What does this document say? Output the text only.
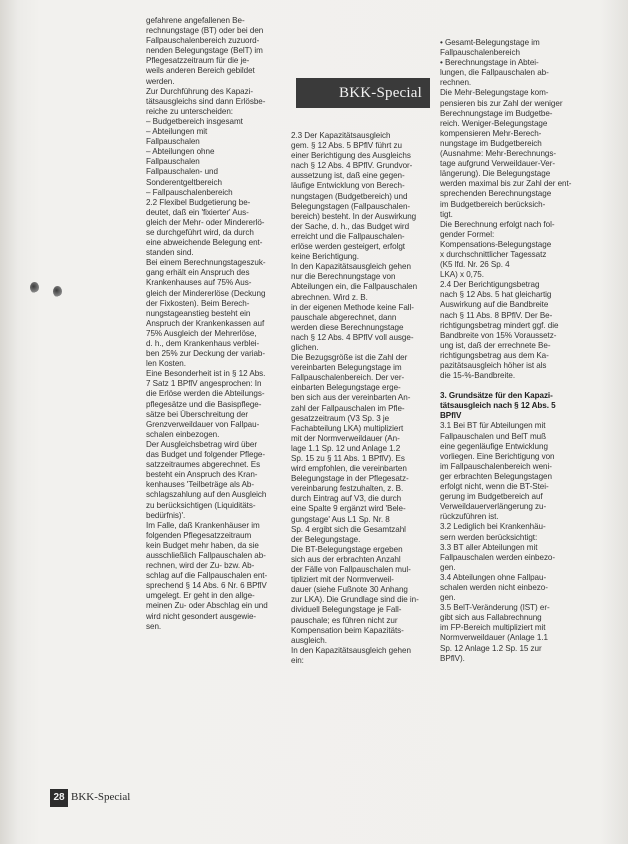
gefahrene angefallenen Be-

rechnungstage (BT) oder bei den

Fallpauschalenbereich zuzuord-

nenden Belegungstage (BelT) im

Pflegesatzzeitraum für die je-

weils anderen Bereich gebildet

werden.

Zur Durchführung des Kapazi-

tätsausgleichs sind dann Erlösbe-

reiche zu unterscheiden:

– Budgetbereich insgesamt

– Abteilungen mit

Fallpauschalen

– Abteilungen ohne

Fallpauschalen

Fallpauschalen- und

Sonderentgeltbereich

– Fallpauschalenbereich

2.2 Flexibel Budgetierung be-

deutet, daß ein 'fixierter' Aus-

gleich der Mehr- oder Mindererlö-

se durchgeführt wird, da durch

eine abweichende Belegung ent-

standen sind.

Bei einem Berechnungstageszuk-

gang erhält ein Anspruch des

Krankenhauses auf 75% Aus-

gleich der Mindererlöse (Deckung

der Fixkosten). Beim Berech-

nungstageanstieg besteht ein

Anspruch der Krankenkassen auf

75% Ausgleich der Mehrerlöse,

d. h., dem Krankenhaus verblei-

ben 25% zur Deckung der variab-

len Kosten.

Eine Besonderheit ist in § 12 Abs.

7 Satz 1 BPflV angesprochen: In

die Erlöse werden die Abteilungs-

pflegesätze und die Basispflege-

sätze bei Überschreitung der

Grenzverweildauer von Fallpau-

schalen einbezogen.

Der Ausgleichsbetrag wird über

das Budget und folgender Pflege-

satzzeitraumes abgerechnet. Es

besteht ein Anspruch des Kran-

kenhauses 'Teilbeträge als Ab-

schlagszahlung auf den Ausgleich

zu berücksichtigen (Liquiditäts-

bedürfnis)'.

Im Falle, daß Krankenhäuser im

folgenden Pflegesatzzeitraum

kein Budget mehr haben, da sie

ausschließlich Fallpauschalen ab-

rechnen, wird der Zu- bzw. Ab-

schlag auf die Fallpauschalen ent-

sprechend § 14 Abs. 6 Nr. 6 BPflV

umgelegt. Er geht in den allge-

meinen Zu- oder Abschlag ein und

wird nicht gesondert ausgewie-

sen.

BKK-Special

2.3 Der Kapazitätsausgleich

gem. § 12 Abs. 5 BPflV führt zu

einer Berichtigung des Ausgleichs

nach § 12 Abs. 4 BPflV. Grundvor-

aussetzung ist, daß eine gegen-

läufige Entwicklung von Berech-

nungstagen (Budgetbereich) und

Belegungstagen (Fallpauschalen-

bereich) besteht. In der Auswirkung

der Sache, d. h., das Budget wird

erreicht und die Fallpauschalen-

erlöse werden gesteigert, erfolgt

keine Berichtigung.

In den Kapazitätsausgleich gehen

nur die Berechnungstage von

Abteilungen ein, die Fallpauschalen

abrechnen. Wird z. B.

in der eigenen Methode keine Fall-

pauschale abgerechnet, dann

werden diese Berechnungstage

nach § 12 Abs. 4 BPflV voll ausge-

glichen.

Die Bezugsgröße ist die Zahl der

vereinbarten Belegungstage im

Fallpauschalenbereich. Der ver-

einbarten Belegungstage erge-

ben sich aus der vereinbarten An-

zahl der Fallpauschalen im Pfle-

gesatzzeitraum (V3 Sp. 3 je

Fachabteilung LKA) multipliziert

mit der Normverweildauer (An-

lage 1.1 Sp. 12 und Anlage 1.2

Sp. 15 zu § 11 Abs. 1 BPflV). Es

wird empfohlen, die vereinbarten

Belegungstage in der Pflegesatz-

vereinbarung festzuhalten, z. B.

durch Eintrag auf V3, die durch

eine Spalte 9 ergänzt wird 'Bele-

gungstage' Aus L1 Sp. Nr. 8

Sp. 4 ergibt sich die Gesamtzahl

der Belegungstage.

Die BT-Belegungstage ergeben

sich aus der erbrachten Anzahl

der Fälle von Fallpauschalen mul-

tipliziert mit der Normverweil-

dauer (siehe Fußnote 30 Anhang

zur LKA). Die Grundlage sind die in-

dividuell Belegungstage je Fall-

pauschale; es führen nicht zur

Kompensation beim Kapazitäts-

ausgleich.

In den Kapazitätsausgleich gehen

ein:

• Gesamt-Belegungstage im

Fallpauschalenbereich

• Berechnungstage in Abtei-

lungen, die Fallpauschalen ab-

rechnen.

Die Mehr-Belegungstage kom-

pensieren bis zur Zahl der weniger

Berechnungstage im Budgetbe-

reich. Weniger-Belegungstage

kompensieren Mehr-Berech-

nungstage im Budgetbereich

(Ausnahme: Mehr-Berechnungs-

tage aufgrund Verweildauer-Ver-

längerung). Die Belegungstage

werden maximal bis zur Zahl der ent-

sprechenden Berechnungstage

im Budgetbereich berücksich-

tigt.

Die Berechnung erfolgt nach fol-

gender Formel:

Kompensations-Belegungstage

x durchschnittlicher Tagessatz

(K5 lfd. Nr. 26 Sp. 4

LKA) x 0,75.

2.4 Der Berichtigungsbetrag

nach § 12 Abs. 5 hat gleichartig

Auswirkung auf die Bandbreite

nach § 11 Abs. 8 BPflV. Der Be-

richtigungsbetrag mindert ggf. die

Bandbreite von 15% Voraussetz-

ung ist, daß der errechnete Be-

richtigungsbetrag aus dem Ka-

pazitätsausgleich höher ist als

die 15-%-Bandbreite.

3. Grundsätze für den Kapazi-

tätsausgleich nach § 12 Abs. 5

BPflV

3.1 Bei BT für Abteilungen mit

Fallpauschalen und BelT muß

eine gegenläufige Entwicklung

vorliegen. Eine Berichtigung von

im Fallpauschalenbereich weni-

ger erbrachten Belegungstagen

erfolgt nicht, wenn die BT-Stei-

gerung im Budgetbereich auf

Verweildauerverlängerung zu-

rückzuführen ist.

3.2 Lediglich bei Krankenhäu-

sern werden berücksichtigt:

3.3 BT aller Abteilungen mit

Fallpauschalen werden einbezo-

gen.

3.4 Abteilungen ohne Fallpau-

schalen werden nicht einbezo-

gen.

3.5 BelT-Veränderung (IST) er-

gibt sich aus Fallabrechnung

im FP-Bereich multipliziert mit

Normverweildauer (Anlage 1.1

Sp. 12 Anlage 1.2 Sp. 15 zur

BPflV).

28 BKK-Special
